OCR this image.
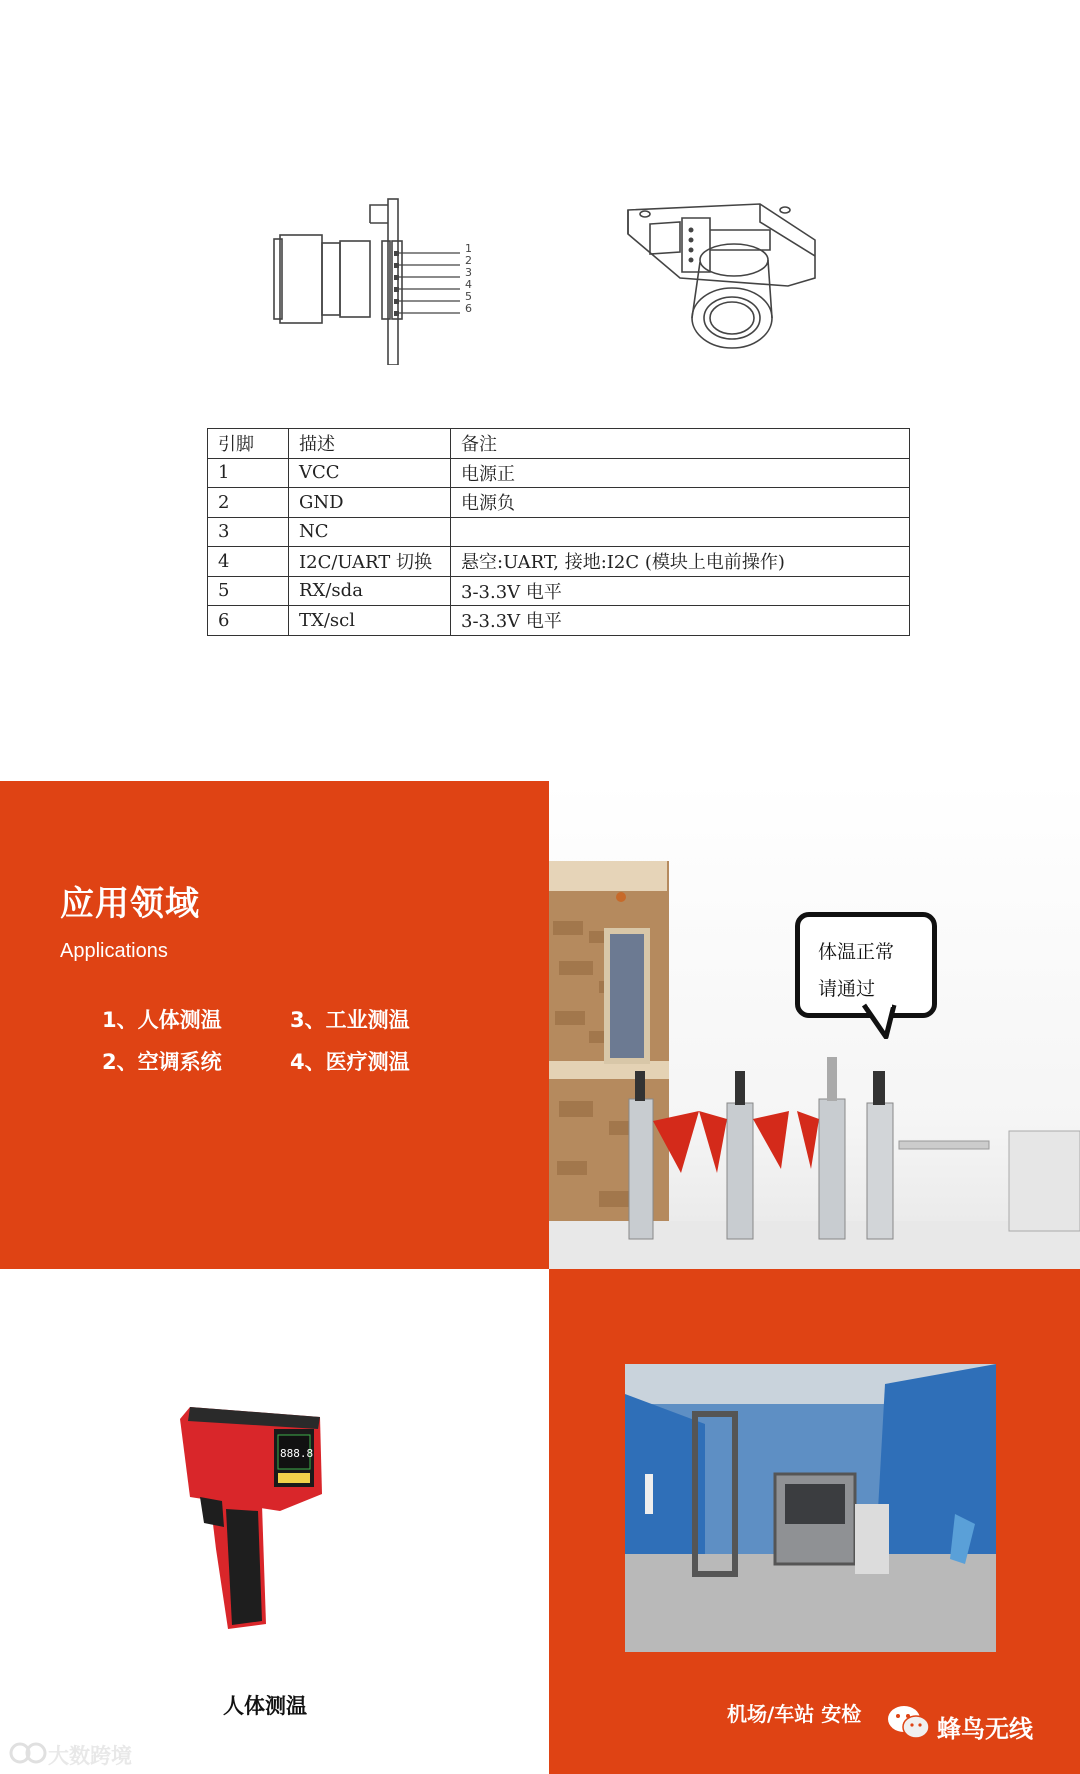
1
2
3
4
5
6
引脚	描述	备注
1	VCC	电源正
2	GND	电源负
3	NC	
4	I2C/UART 切换	悬空:UART, 接地:I2C (模块上电前操作)
5	RX/sda	3-3.3V 电平
6	TX/scl	3-3.3V 电平
应用领域
Applications
1、人体测温	3、工业测温
2、空调系统	4、医疗测温
体温正常
请通过
888.8
人体测温	机场/车站 安检
蜂鸟无线
大数跨境
